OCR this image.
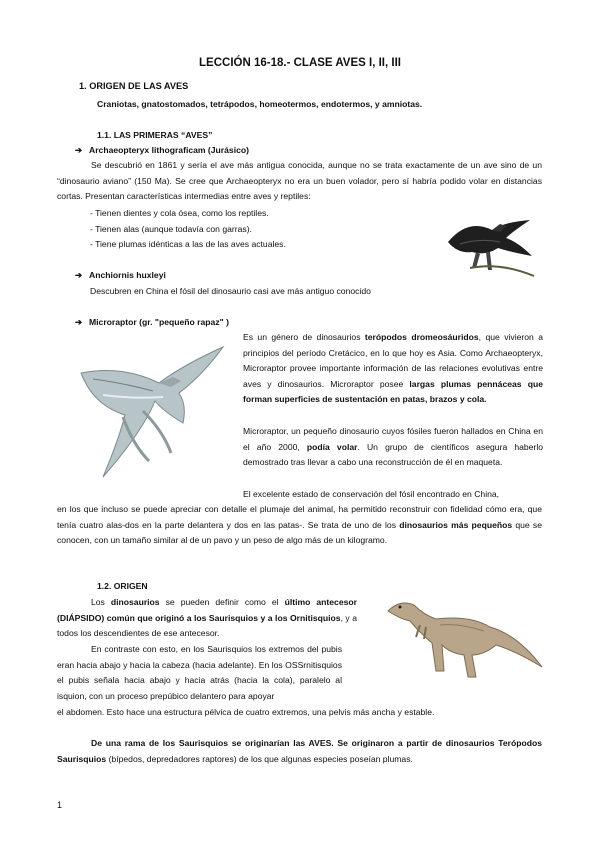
LECCIÓN 16-18.- CLASE AVES I, II, III
1. ORIGEN DE LAS AVES
Craniotas, gnatostomados, tetrápodos, homeotermos, endotermos, y amniotas.
1.1. LAS PRIMERAS “AVES”
➔ Archaeopteryx lithograficam (Jurásico)
Se descubrió en 1861 y sería el ave más antigua conocida, aunque no se trata exactamente de un ave sino de un “dinosaurio aviano” (150 Ma). Se cree que Archaeopteryx no era un buen volador, pero sí habría podido volar en distancias cortas. Presentan características intermedias entre aves y reptiles:
- Tienen dientes y cola ósea, como los reptiles.
- Tienen alas (aunque todavía con garras).
- Tiene plumas idénticas a las de las aves actuales.
➔ Anchiornis huxleyi
Descubren en China el fósil del dinosaurio casi ave más antiguo conocido
➔ Microraptor (gr. "pequeño rapaz" )
Es un género de dinosaurios terópodos dromeosáuridos, que vivieron a principios del período Cretácico, en lo que hoy es Asia. Como Archaeopteryx, Microraptor provee importante información de las relaciones evolutivas entre aves y dinosaurios. Microraptor posee largas plumas pennáceas que forman superficies de sustentación en patas, brazos y cola.
Microraptor, un pequeño dinosaurio cuyos fósiles fueron hallados en China en el año 2000, podía volar. Un grupo de científicos asegura haberlo demostrado tras llevar a cabo una reconstrucción de él en maqueta.
El excelente estado de conservación del fósil encontrado en China,
en los que incluso se puede apreciar con detalle el plumaje del animal, ha permitido reconstruir con fidelidad cómo era, que tenía cuatro alas-dos en la parte delantera y dos en las patas-. Se trata de uno de los dinosaurios más pequeños que se conocen, con un tamaño similar al de un pavo y un peso de algo más de un kilogramo.
1.2. ORIGEN
Los dinosaurios se pueden definir como el último antecesor (DIÁPSIDO) común que originó a los Saurisquios y a los Ornitisquios, y a todos los descendientes de ese antecesor.
En contraste con esto, en los Saurisquios los extremos del pubis eran hacia abajo y hacia la cabeza (hacia adelante). En los OSSrnitisquios el pubis señala hacia abajo y hacia atrás (hacia la cola), paralelo al isquion, con un proceso prepúbico delantero para apoyar
el abdomen. Esto hace una estructura pélvica de cuatro extremos, una pelvis más ancha y estable.
De una rama de los Saurisquios se originarían las AVES. Se originaron a partir de dinosaurios Terópodos Saurisquios (bípedos, depredadores raptores) de los que algunas especies poseían plumas.
1
